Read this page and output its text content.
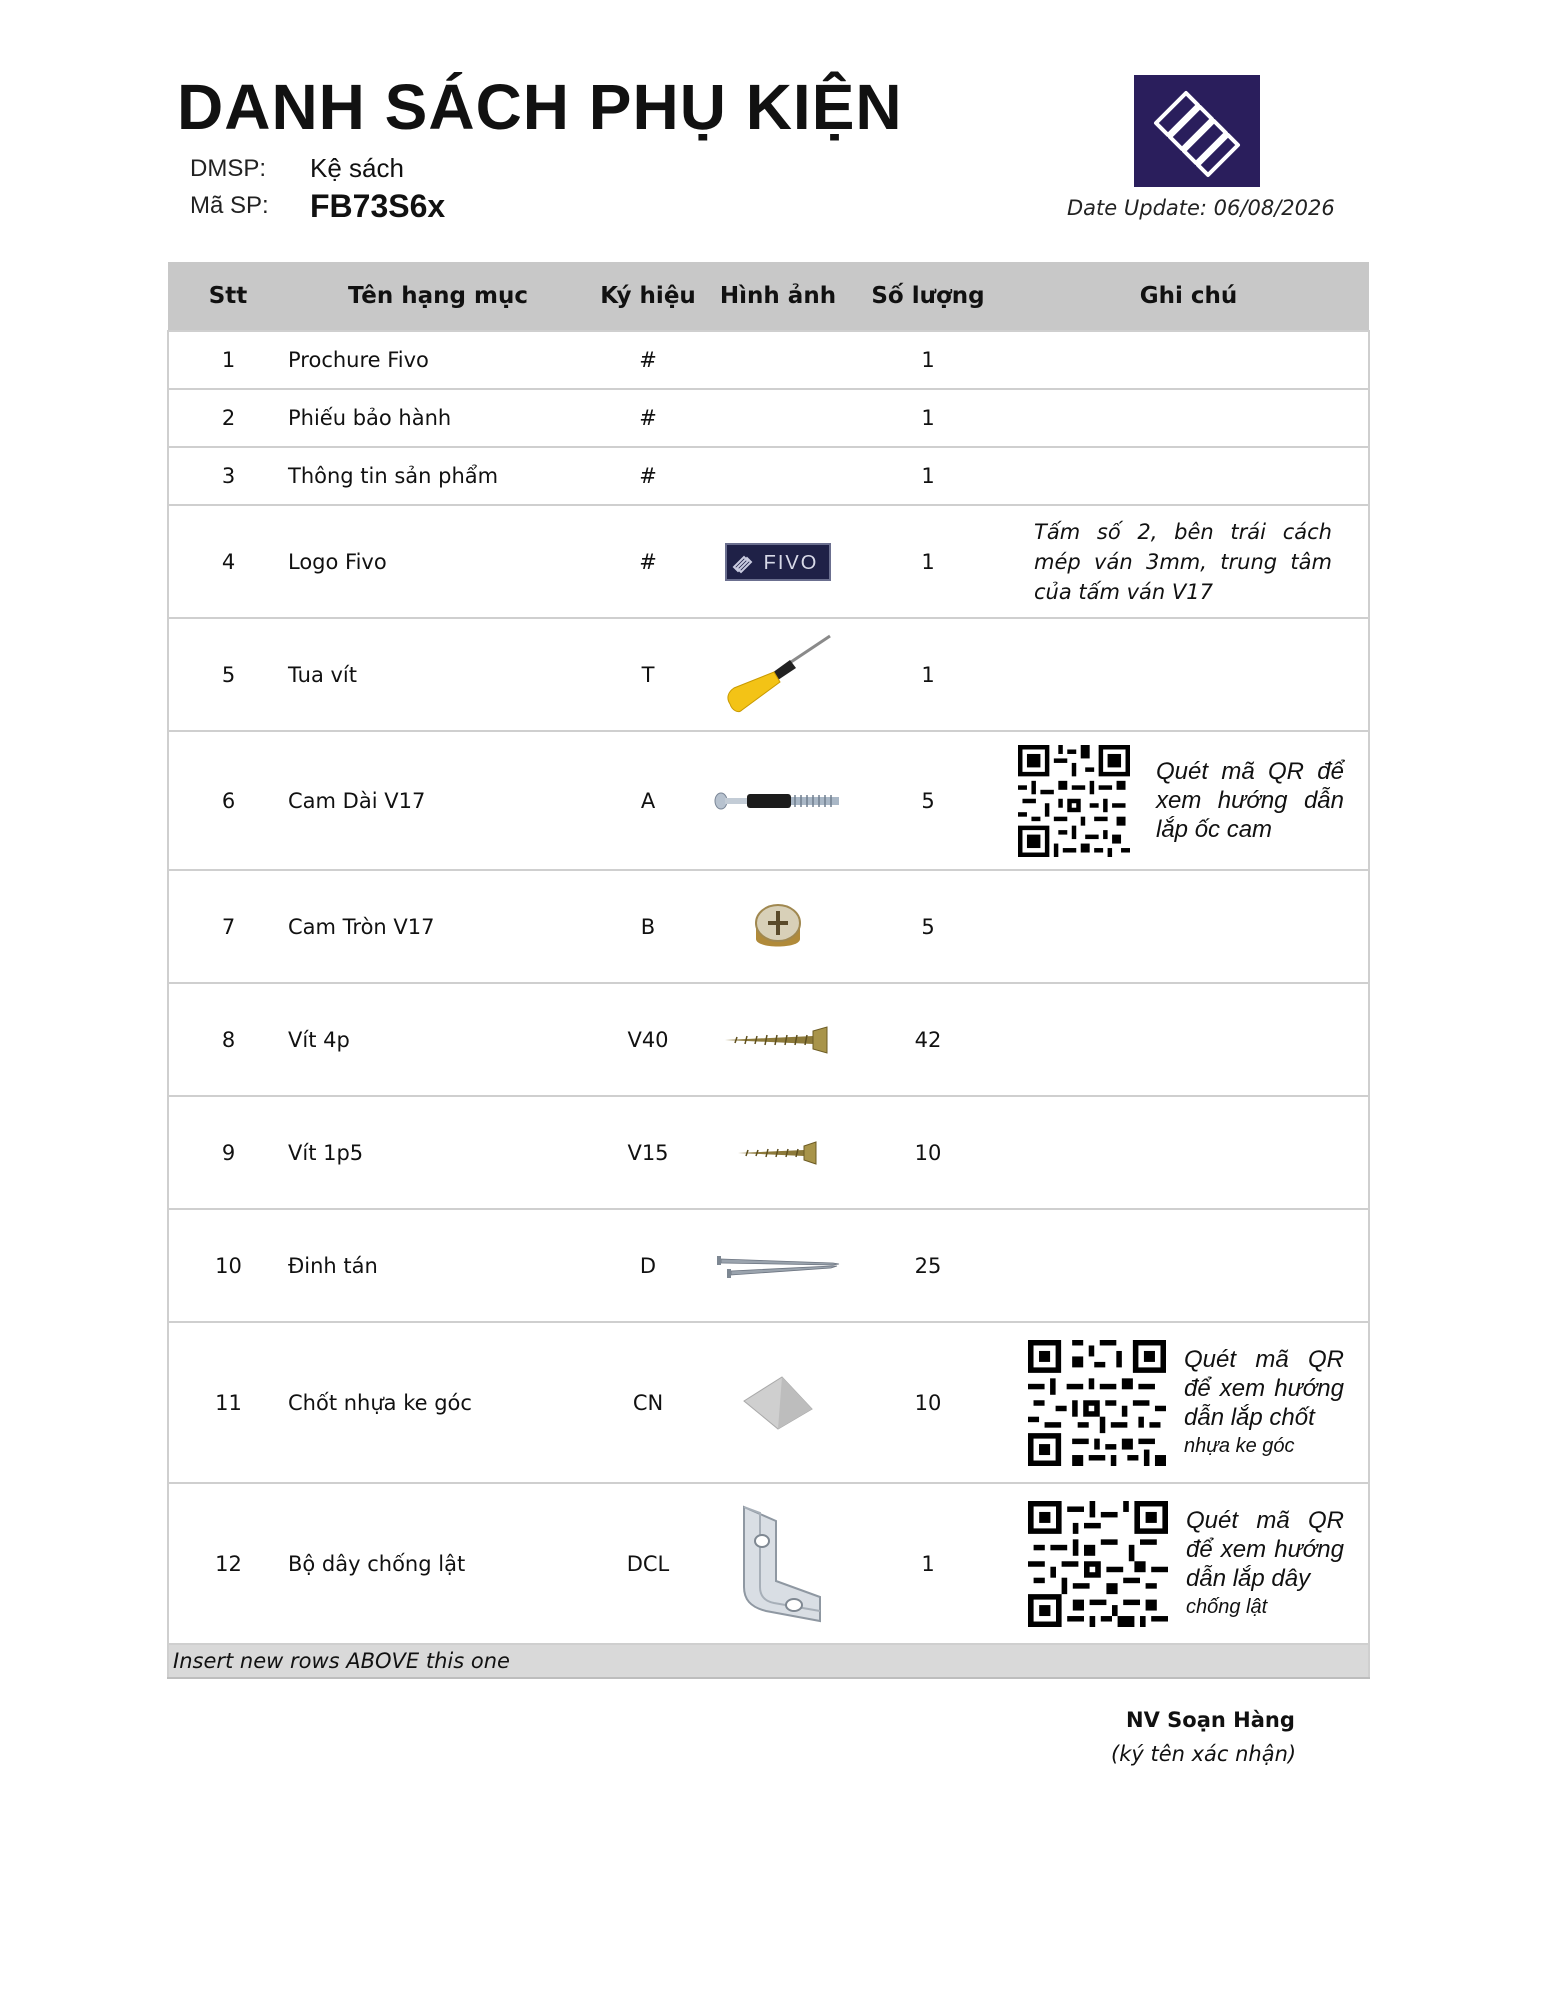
DANH SÁCH PHỤ KIỆN
DMSP: Kệ sách
Mã SP: FB73S6x	Date Update: 06/08/2026
Stt	Tên hạng mục	Ký hiệu	Hình ảnh	Số lượng	Ghi chú
1	Prochure Fivo	#		1	
2	Phiếu bảo hành	#		1	
3	Thông tin sản phẩm	#		1	
4	Logo Fivo	#	FIVO	1	Tấm số 2, bên trái cách mép ván 3mm, trung tâm của tấm ván V17

5	Tua vít	T		1	
6	Cam Dài V17	A		5	Quét mã QR để xem hướng dẫn lắp ốc cam

7	Cam Tròn V17	B		5	
8	Vít 4p	V40		42	
9	Vít 1p5	V15		10	
10	Đinh tán	D		25	
11	Chốt nhựa ke góc	CN		10	Quét mã QR để xem hướng dẫn lắp chốt
nhựa ke góc

12	Bộ dây chống lật	DCL		1	Quét mã QR để xem hướng dẫn lắp dây
chống lật

Insert new rows ABOVE this one					
NV Soạn Hàng
(ký tên xác nhận)
